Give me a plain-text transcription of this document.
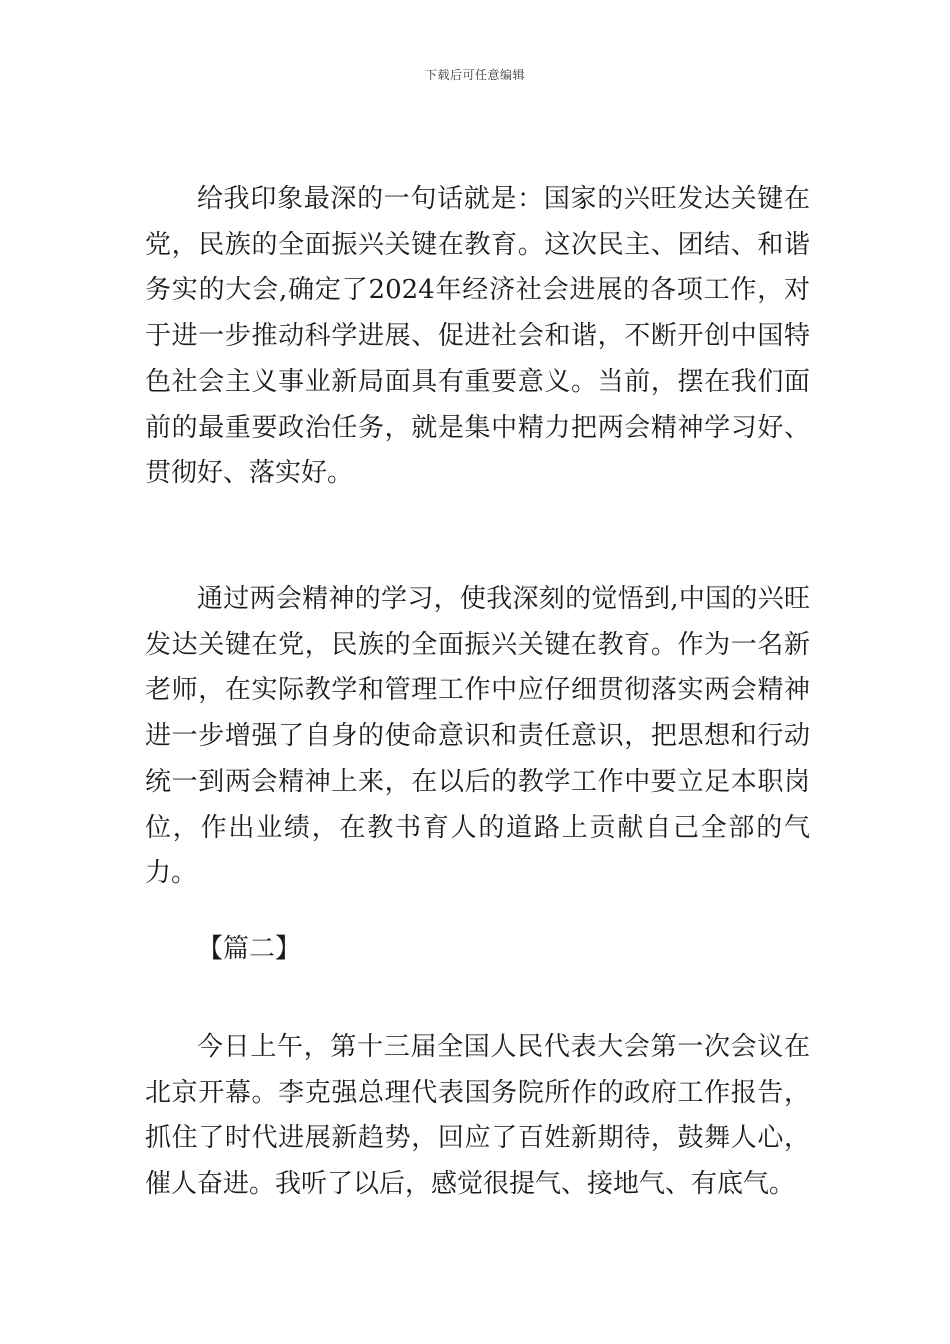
下载后可任意编辑

给我印象最深的一句话就是：国家的兴旺发达关键在党，民族的全面振兴关键在教育。这次民主、团结、和谐务实的大会,确定了2024年经济社会进展的各项工作，对于进一步推动科学进展、促进社会和谐，不断开创中国特色社会主义事业新局面具有重要意义。当前，摆在我们面前的最重要政治任务，就是集中精力把两会精神学习好、贯彻好、落实好。

通过两会精神的学习，使我深刻的觉悟到,中国的兴旺发达关键在党，民族的全面振兴关键在教育。作为一名新老师，在实际教学和管理工作中应仔细贯彻落实两会精神进一步增强了自身的使命意识和责任意识，把思想和行动统一到两会精神上来，在以后的教学工作中要立足本职岗位，作出业绩，在教书育人的道路上贡献自己全部的气力。

【篇二】

今日上午，第十三届全国人民代表大会第一次会议在北京开幕。李克强总理代表国务院所作的政府工作报告，抓住了时代进展新趋势，回应了百姓新期待，鼓舞人心，催人奋进。我听了以后，感觉很提气、接地气、有底气。
